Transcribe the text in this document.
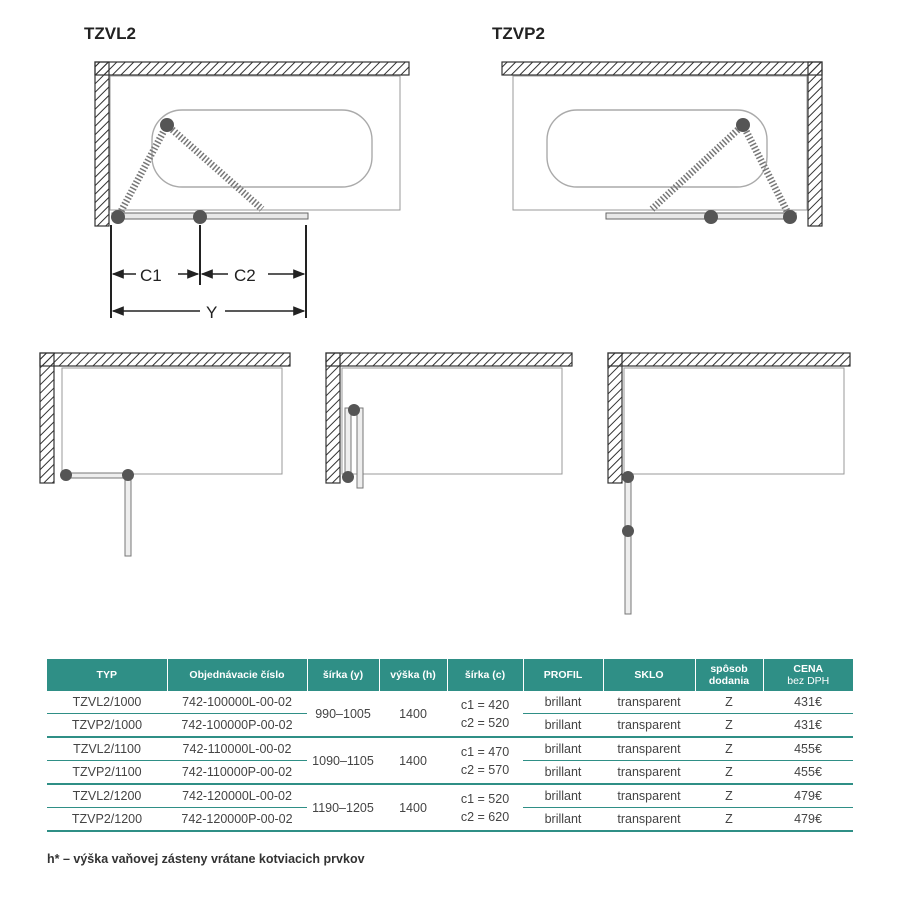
TZVL2	TZVP2
C1	C2
Y
TYP	Objednávacie číslo	šírka (y)	výška (h)	šírka (c)	PROFIL	SKLO	spôsob
dodania	CENA
bez DPH
TZVL2/1000	742-100000L-00-02	990–1005	1400	c1 = 420
c2 = 520	brillant	transparent	Z	431€
TZVP2/1000	742-100000P-00-02				brillant	transparent	Z	431€
TZVL2/1100	742-110000L-00-02	1090–1105	1400	c1 = 470
c2 = 570	brillant	transparent	Z	455€
TZVP2/1100	742-110000P-00-02				brillant	transparent	Z	455€
TZVL2/1200	742-120000L-00-02	1190–1205	1400	c1 = 520
c2 = 620	brillant	transparent	Z	479€
TZVP2/1200	742-120000P-00-02				brillant	transparent	Z	479€
h* – výška vaňovej zásteny vrátane kotviacich prvkov
